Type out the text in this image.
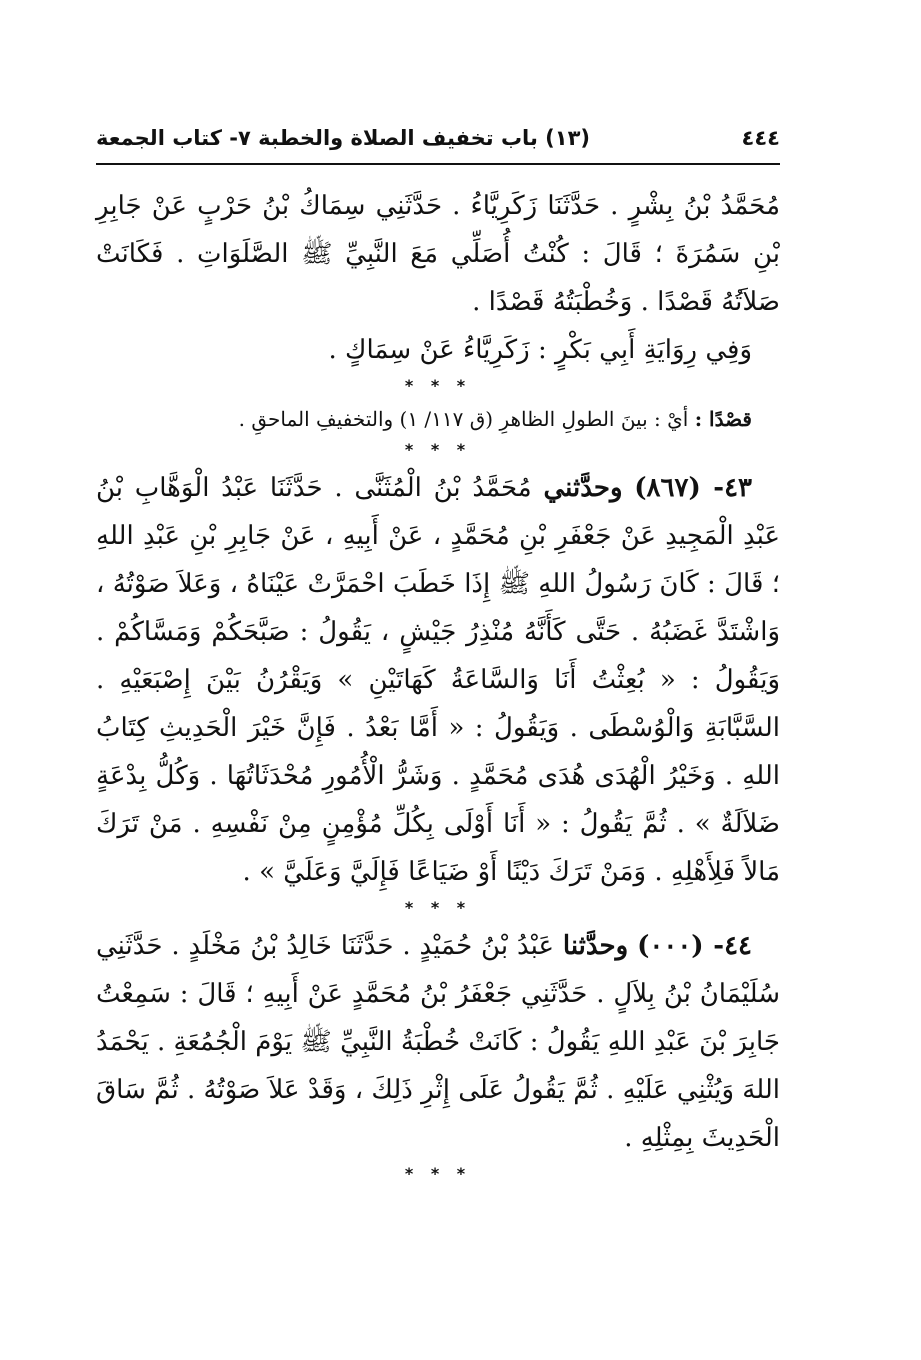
٤٤٤
(١٣) باب تخفيف الصلاة والخطبة
٧- كتاب الجمعة

مُحَمَّدُ بْنُ بِشْرٍ . حَدَّثَنَا زَكَرِيَّاءُ . حَدَّثَنِي سِمَاكُ بْنُ حَرْبٍ عَنْ جَابِرِ بْنِ سَمُرَةَ ؛ قَالَ : كُنْتُ أُصَلِّي مَعَ النَّبِيِّ ﷺ الصَّلَوَاتِ . فَكَانَتْ صَلاَتُهُ قَصْدًا . وَخُطْبَتُهُ قَصْدًا .

وَفِي رِوَايَةِ أَبِي بَكْرٍ : زَكَرِيَّاءُ عَنْ سِمَاكٍ .

* * *

قصْدًا : أيْ : بينَ الطولِ الظاهرِ (ق ١١٧/ ١) والتخفيفِ الماحقِ .

* * *

٤٣- (٨٦٧) وحدَّثني مُحَمَّدُ بْنُ الْمُثَنَّى . حَدَّثَنَا عَبْدُ الْوَهَّابِ بْنُ عَبْدِ الْمَجِيدِ عَنْ جَعْفَرِ بْنِ مُحَمَّدٍ ، عَنْ أَبِيهِ ، عَنْ جَابِرِ بْنِ عَبْدِ اللهِ ؛ قَالَ : كَانَ رَسُولُ اللهِ ﷺ إِذَا خَطَبَ احْمَرَّتْ عَيْنَاهُ ، وَعَلاَ صَوْتُهُ ، وَاشْتَدَّ غَضَبُهُ . حَتَّى كَأَنَّهُ مُنْذِرُ جَيْشٍ ، يَقُولُ : صَبَّحَكُمْ وَمَسَّاكُمْ . وَيَقُولُ : « بُعِثْتُ أَنَا وَالسَّاعَةُ كَهَاتَيْنِ » وَيَقْرُنُ بَيْنَ إِصْبَعَيْهِ . السَّبَّابَةِ وَالْوُسْطَى . وَيَقُولُ : « أَمَّا بَعْدُ . فَإِنَّ خَيْرَ الْحَدِيثِ كِتَابُ اللهِ . وَخَيْرُ الْهُدَى هُدَى مُحَمَّدٍ . وَشَرُّ الْأُمُورِ مُحْدَثَاتُهَا . وَكُلُّ بِدْعَةٍ ضَلاَلَةٌ » . ثُمَّ يَقُولُ : « أَنَا أَوْلَى بِكُلِّ مُؤْمِنٍ مِنْ نَفْسِهِ . مَنْ تَرَكَ مَالاً فَلِأَهْلِهِ . وَمَنْ تَرَكَ دَيْنًا أَوْ ضَيَاعًا فَإِلَيَّ وَعَلَيَّ » .

* * *

٤٤- (٠٠٠) وحدَّثنا عَبْدُ بْنُ حُمَيْدٍ . حَدَّثَنَا خَالِدُ بْنُ مَخْلَدٍ . حَدَّثَنِي سُلَيْمَانُ بْنُ بِلاَلٍ . حَدَّثَنِي جَعْفَرُ بْنُ مُحَمَّدٍ عَنْ أَبِيهِ ؛ قَالَ : سَمِعْتُ جَابِرَ بْنَ عَبْدِ اللهِ يَقُولُ : كَانَتْ خُطْبَةُ النَّبِيِّ ﷺ يَوْمَ الْجُمُعَةِ . يَحْمَدُ اللهَ وَيُثْنِي عَلَيْهِ . ثُمَّ يَقُولُ عَلَى إِثْرِ ذَلِكَ ، وَقَدْ عَلاَ صَوْتُهُ . ثُمَّ سَاقَ الْحَدِيثَ بِمِثْلِهِ .

* * *
